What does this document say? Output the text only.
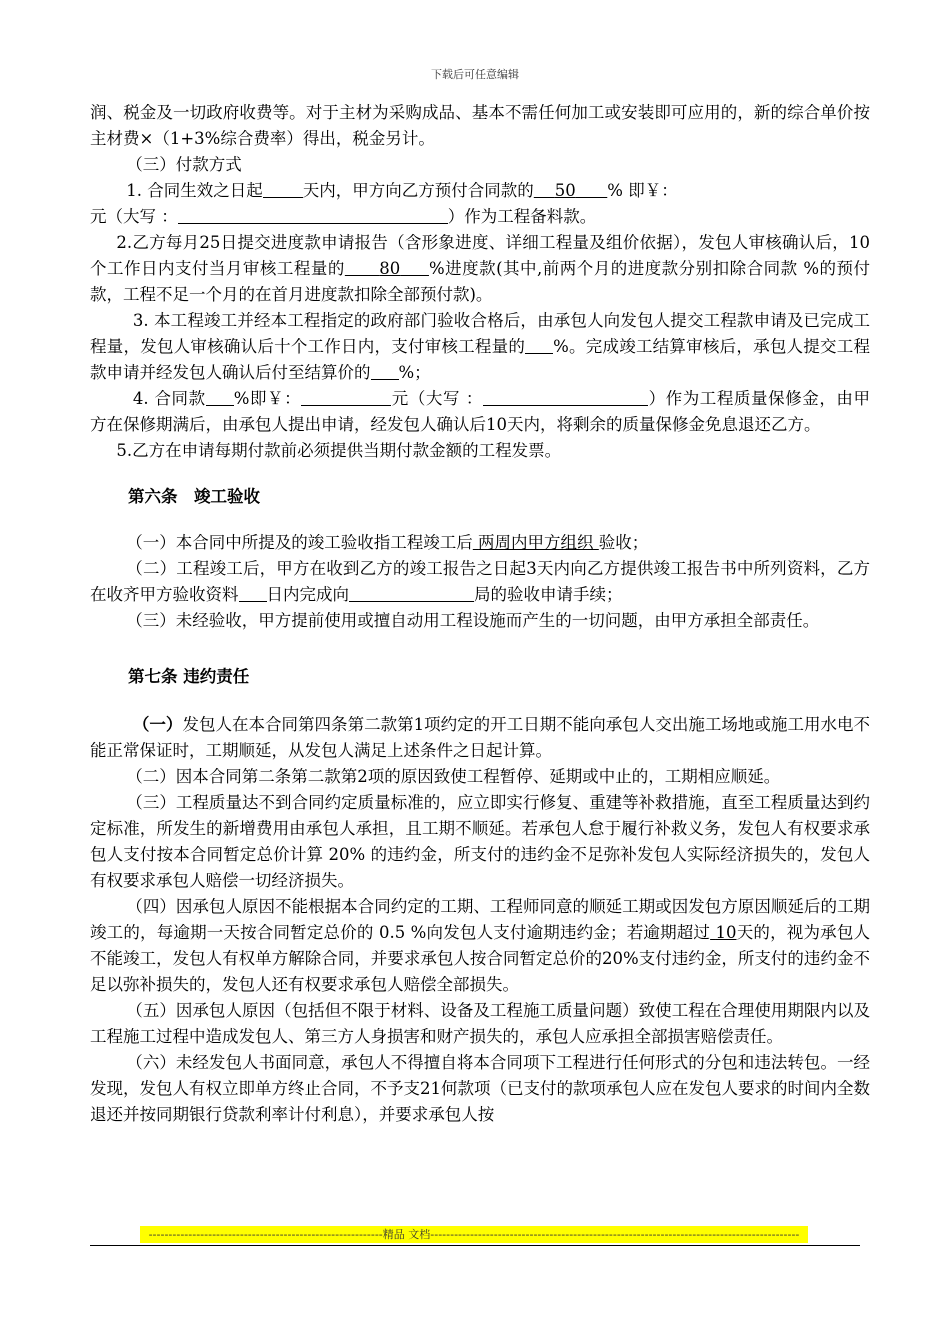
下载后可任意编辑

润、税金及一切政府收费等。对于主材为采购成品、基本不需任何加工或安装即可应用的，新的综合单价按主材费×（1+3%综合费率）得出，税金另计。

（三）付款方式

1. 合同生效之日起 天内，甲方向乙方预付合同款的 50 % 即￥：

元（大写 ：	）作为工程备料款。

2.乙方每月25日提交进度款申请报告（含形象进度、详细工程量及组价依据），发包人审核确认后，10个工作日内支付当月审核工程量的 80 %进度款(其中,前两个月的进度款分别扣除合同款 %的预付款，工程不足一个月的在首月进度款扣除全部预付款)。

3. 本工程竣工并经本工程指定的政府部门验收合格后，由承包人向发包人提交工程款申请及已完成工程量，发包人审核确认后十个工作日内，支付审核工程量的 %。完成竣工结算审核后，承包人提交工程款申请并经发包人确认后付至结算价的 %；

4. 合同款 %即￥：	元（大写 ：	）作为工程质量保修金，由甲方在保修期满后，由承包人提出申请，经发包人确认后10天内，将剩余的质量保修金免息退还乙方。

5.乙方在申请每期付款前必须提供当期付款金额的工程发票。

第六条　竣工验收

（一）本合同中所提及的竣工验收指工程竣工后 两周内甲方组织 验收；

（二）工程竣工后，甲方在收到乙方的竣工报告之日起3天内向乙方提供竣工报告书中所列资料，乙方在收齐甲方验收资料 日内完成向	局的验收申请手续；

（三）未经验收，甲方提前使用或擅自动用工程设施而产生的一切问题，由甲方承担全部责任。

第七条 违约责任

（一）发包人在本合同第四条第二款第1项约定的开工日期不能向承包人交出施工场地或施工用水电不能正常保证时，工期顺延，从发包人满足上述条件之日起计算。

（二）因本合同第二条第二款第2项的原因致使工程暂停、延期或中止的，工期相应顺延。

（三）工程质量达不到合同约定质量标准的，应立即实行修复、重建等补救措施，直至工程质量达到约定标准，所发生的新增费用由承包人承担，且工期不顺延。若承包人怠于履行补救义务，发包人有权要求承包人支付按本合同暂定总价计算 20% 的违约金，所支付的违约金不足弥补发包人实际经济损失的，发包人有权要求承包人赔偿一切经济损失。

（四）因承包人原因不能根据本合同约定的工期、工程师同意的顺延工期或因发包方原因顺延后的工期竣工的，每逾期一天按合同暂定总价的 0.5 %向发包人支付逾期违约金；若逾期超过 10天的，视为承包人不能竣工，发包人有权单方解除合同，并要求承包人按合同暂定总价的20%支付违约金，所支付的违约金不足以弥补损失的，发包人还有权要求承包人赔偿全部损失。

（五）因承包人原因（包括但不限于材料、设备及工程施工质量问题）致使工程在合理使用期限内以及工程施工过程中造成发包人、第三方人身损害和财产损失的，承包人应承担全部损害赔偿责任。

（六）未经发包人书面同意，承包人不得擅自将本合同项下工程进行任何形式的分包和违法转包。一经发现，发包人有权立即单方终止合同，不予支21何款项（已支付的款项承包人应在发包人要求的时间内全数退还并按同期银行贷款利率计付利息），并要求承包人按

-----------------------------------------------------------精品 文档---------------------------------------------------------------------------------------------
